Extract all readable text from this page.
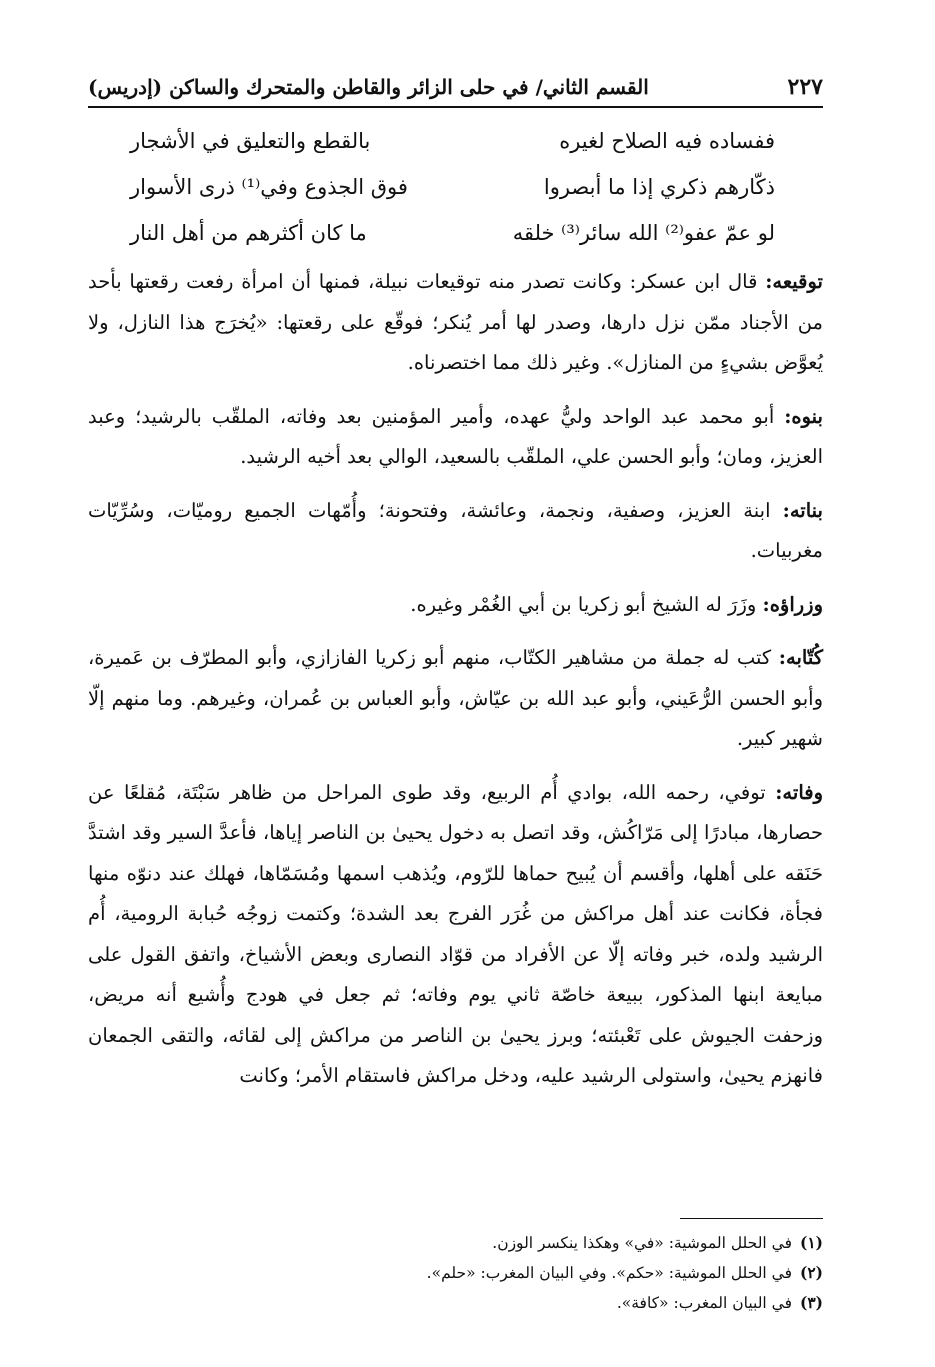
القسم الثاني/ في حلى الزائر والقاطن والمتحرك والساكن (إدريس)	٢٢٧
ففساده فيه الصلاح لغيره
بالقطع والتعليق في الأشجار
ذكّارهم ذكري إذا ما أبصروا
فوق الجذوع وفي⁽¹⁾ ذرى الأسوار
لو عمّ عفو⁽²⁾ الله سائر⁽³⁾ خلقه
ما كان أكثرهم من أهل النار

توقيعه: قال ابن عسكر: وكانت تصدر منه توقيعات نبيلة، فمنها أن امرأة رفعت رقعتها بأحد من الأجناد ممّن نزل دارها، وصدر لها أمر يُنكر؛ فوقّع على رقعتها: «يُخرَج هذا النازل، ولا يُعوَّض بشيءٍ من المنازل». وغير ذلك مما اختصرناه.

بنوه: أبو محمد عبد الواحد وليُّ عهده، وأمير المؤمنين بعد وفاته، الملقّب بالرشيد؛ وعبد العزيز، ومان؛ وأبو الحسن علي، الملقّب بالسعيد، الوالي بعد أخيه الرشيد.

بناته: ابنة العزيز، وصفية، ونجمة، وعائشة، وفتحونة؛ وأُمّهات الجميع روميّات، وسُرِّيّات مغربيات.

وزراؤه: وزَرَ له الشيخ أبو زكريا بن أبي الغُمْر وغيره.

كُتّابه: كتب له جملة من مشاهير الكتّاب، منهم أبو زكريا الفازازي، وأبو المطرّف بن عَميرة، وأبو الحسن الرُّعَيني، وأبو عبد الله بن عيّاش، وأبو العباس بن عُمران، وغيرهم. وما منهم إلّا شهير كبير.

وفاته: توفي، رحمه الله، بوادي أُم الربيع، وقد طوى المراحل من ظاهر سَبْتَة، مُقلعًا عن حصارها، مبادرًا إلى مَرّاكُش، وقد اتصل به دخول يحيىٰ بن الناصر إياها، فأعدَّ السير وقد اشتدَّ حَنَقه على أهلها، وأقسم أن يُبيح حماها للرّوم، ويُذهب اسمها ومُسَمّاها، فهلك عند دنوّه منها فجأة، فكانت عند أهل مراكش من غُرَر الفرج بعد الشدة؛ وكتمت زوجُه حُبابة الرومية، أُم الرشيد ولده، خبر وفاته إلّا عن الأفراد من قوّاد النصارى وبعض الأشياخ، واتفق القول على مبايعة ابنها المذكور، ببيعة خاصّة ثاني يوم وفاته؛ ثم جعل في هودج وأُشيع أنه مريض، وزحفت الجيوش على تَعْبئته؛ وبرز يحيىٰ بن الناصر من مراكش إلى لقائه، والتقى الجمعان فانهزم يحيىٰ، واستولى الرشيد عليه، ودخل مراكش فاستقام الأمر؛ وكانت

(١)في الحلل الموشية: «في» وهكذا ينكسر الوزن.
(٢)في الحلل الموشية: «حكم». وفي البيان المغرب: «حلم».
(٣)في البيان المغرب: «كافة».
